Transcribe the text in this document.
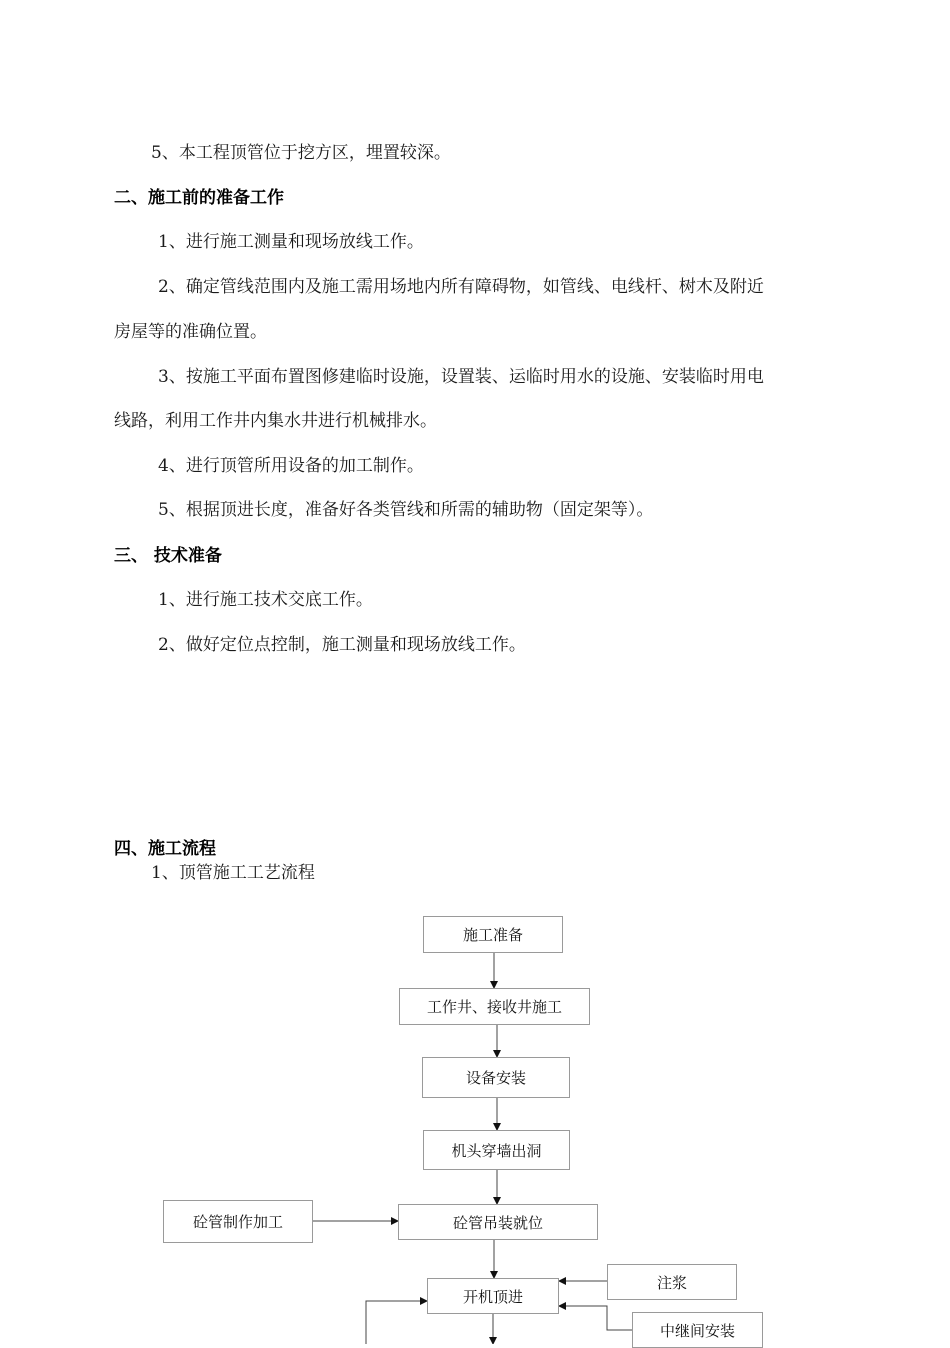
5、本工程顶管位于挖方区，埋置较深。
二、施工前的准备工作
1、进行施工测量和现场放线工作。
2、确定管线范围内及施工需用场地内所有障碍物，如管线、电线杆、树木及附近
房屋等的准确位置。
3、按施工平面布置图修建临时设施，设置装、运临时用水的设施、安装临时用电
线路，利用工作井内集水井进行机械排水。
4、进行顶管所用设备的加工制作。
5、根据顶进长度，准备好各类管线和所需的辅助物（固定架等）。
三、 技术准备
1、进行施工技术交底工作。
2、做好定位点控制，施工测量和现场放线工作。
四、施工流程
1、顶管施工工艺流程
施工准备
工作井、接收井施工
设备安装
机头穿墙出洞
砼管制作加工	砼管吊装就位
开机顶进
注浆
中继间安装
